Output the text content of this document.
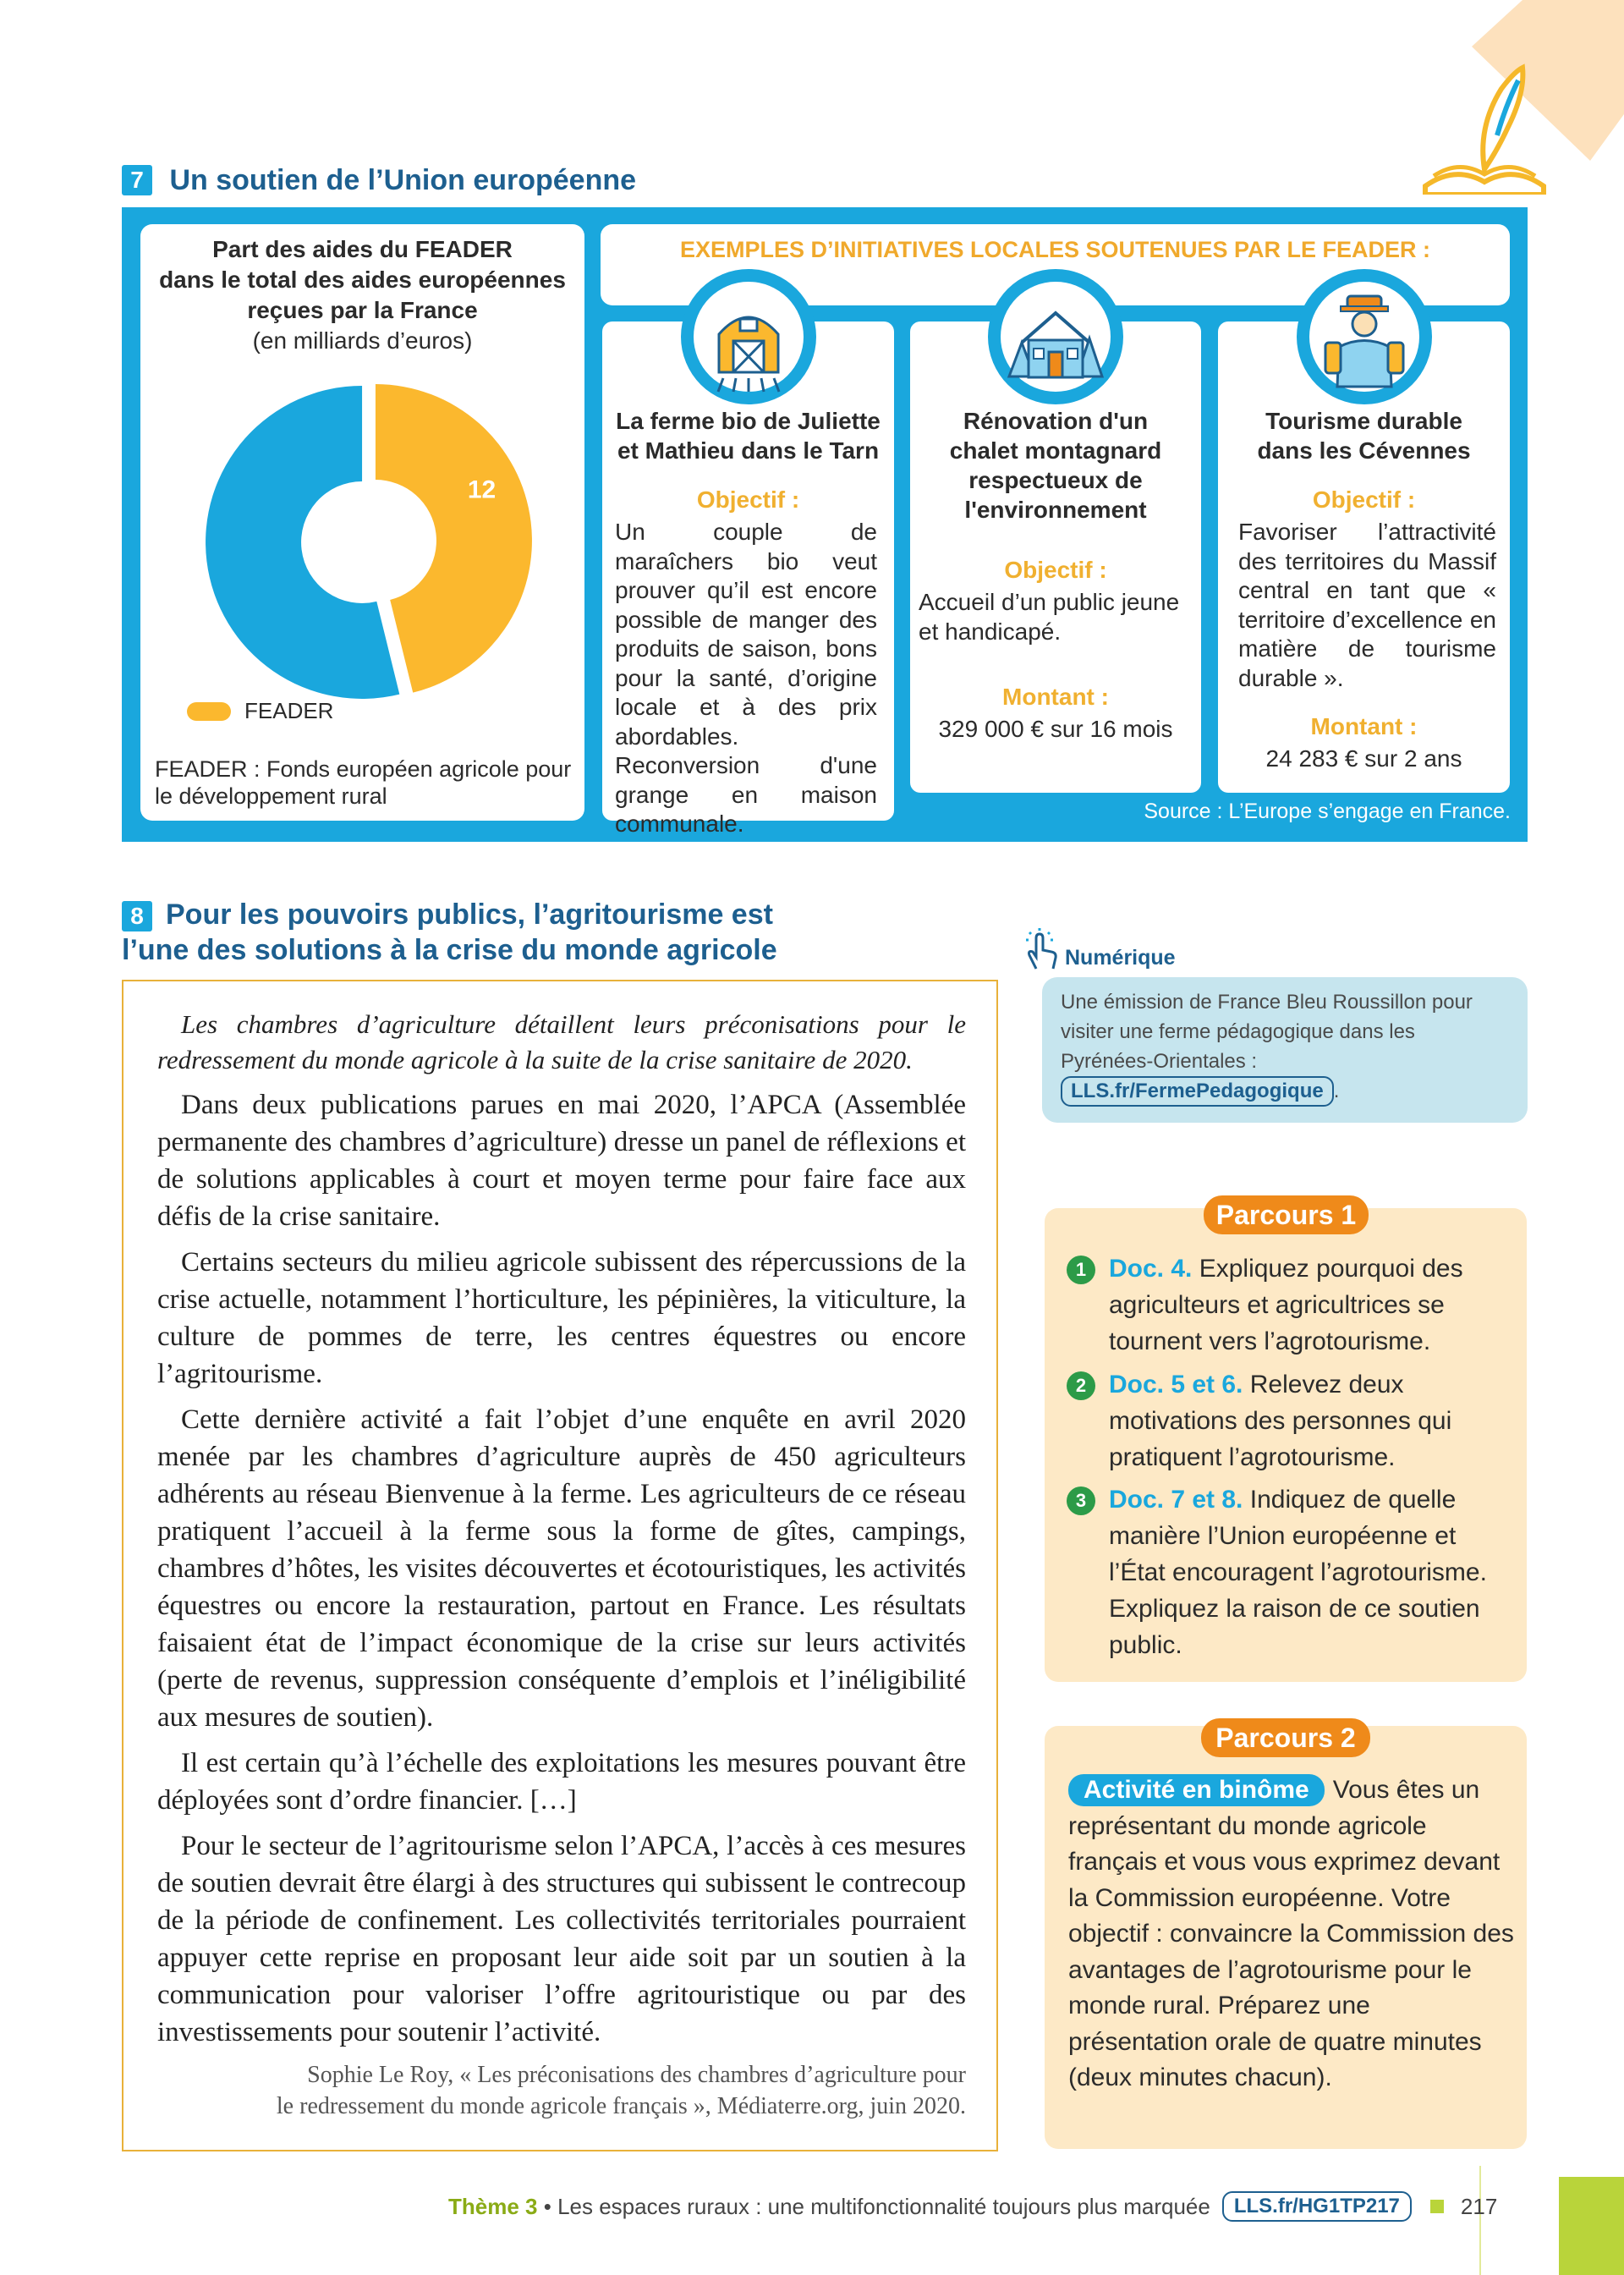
7 Un soutien de l’Union européenne
Part des aides du FEADER
dans le total des aides européennes
reçues par la France
(en milliards d’euros)
12
FEADER
FEADER : Fonds européen agricole pour le développement rural
EXEMPLES D’INITIATIVES LOCALES SOUTENUES PAR LE FEADER :
La ferme bio de Juliette et Mathieu dans le Tarn
Objectif :
Un couple de maraîchers bio veut prouver qu’il est encore possible de manger des produits de saison, bons pour la santé, d’origine locale et à des prix abordables. Reconversion d'une grange en maison communale.
Rénovation d'un chalet montagnard respectueux de l'environnement
Objectif :
Accueil d’un public jeune et handicapé.
Montant :
329 000 € sur 16 mois
Tourisme durable dans les Cévennes
Objectif :
Favoriser l’attractivité des territoires du Massif central en tant que « territoire d’excellence en matière de tourisme durable ».
Montant :
24 283 € sur 2 ans
Source : L’Europe s’engage en France.
8 Pour les pouvoirs publics, l’agritourisme est
l’une des solutions à la crise du monde agricole

Les chambres d’agriculture détaillent leurs préconisations pour le redressement du monde agricole à la suite de la crise sanitaire de 2020.

Dans deux publications parues en mai 2020, l’APCA (Assemblée permanente des chambres d’agriculture) dresse un panel de réflexions et de solutions applicables à court et moyen terme pour faire face aux défis de la crise sanitaire.

Certains secteurs du milieu agricole subissent des répercussions de la crise actuelle, notamment l’horticulture, les pépinières, la viticulture, la culture de pommes de terre, les centres équestres ou encore l’agritourisme.

Cette dernière activité a fait l’objet d’une enquête en avril 2020 menée par les chambres d’agriculture auprès de 450 agriculteurs adhérents au réseau Bienvenue à la ferme. Les agriculteurs de ce réseau pratiquent l’accueil à la ferme sous la forme de gîtes, campings, chambres d’hôtes, les visites découvertes et écotouristiques, les activités équestres ou encore la restauration, partout en France. Les résultats faisaient état de l’impact économique de la crise sur leurs activités (perte de revenus, suppression conséquente d’emplois et l’inéligibilité aux mesures de soutien).

Il est certain qu’à l’échelle des exploitations les mesures pouvant être déployées sont d’ordre financier. […]

Pour le secteur de l’agritourisme selon l’APCA, l’accès à ces mesures de soutien devrait être élargi à des structures qui subissent le contrecoup de la période de confinement. Les collectivités territoriales pourraient appuyer cette reprise en proposant leur aide soit par un soutien à la communication pour valoriser l’offre agritouristique ou par des investissements pour soutenir l’activité.

Sophie Le Roy, « Les préconisations des chambres d’agriculture pour
le redressement du monde agricole français », Médiaterre.org, juin 2020.
Numérique
Une émission de France Bleu Roussillon pour visiter une ferme pédagogique dans les Pyrénées-Orientales :
LLS.fr/FermePedagogique .
1 Doc. 4. Expliquez pourquoi des agriculteurs et agricultrices se tournent vers l’agrotourisme.
2 Doc. 5 et 6. Relevez deux motivations des personnes qui pratiquent l’agrotourisme.
3 Doc. 7 et 8. Indiquez de quelle manière l’Union européenne et l’État encouragent l’agrotourisme. Expliquez la raison de ce soutien public.
Parcours 1
Activité en binôme Vous êtes un représentant du monde agricole français et vous vous exprimez devant la Commission européenne. Votre objectif : convaincre la Commission des avantages de l’agrotourisme pour le monde rural. Préparez une présentation orale de quatre minutes (deux minutes chacun).
Parcours 2
Thème 3 • Les espaces ruraux : une multifonctionnalité toujours plus marquée	LLS.fr/HG1TP217	217
